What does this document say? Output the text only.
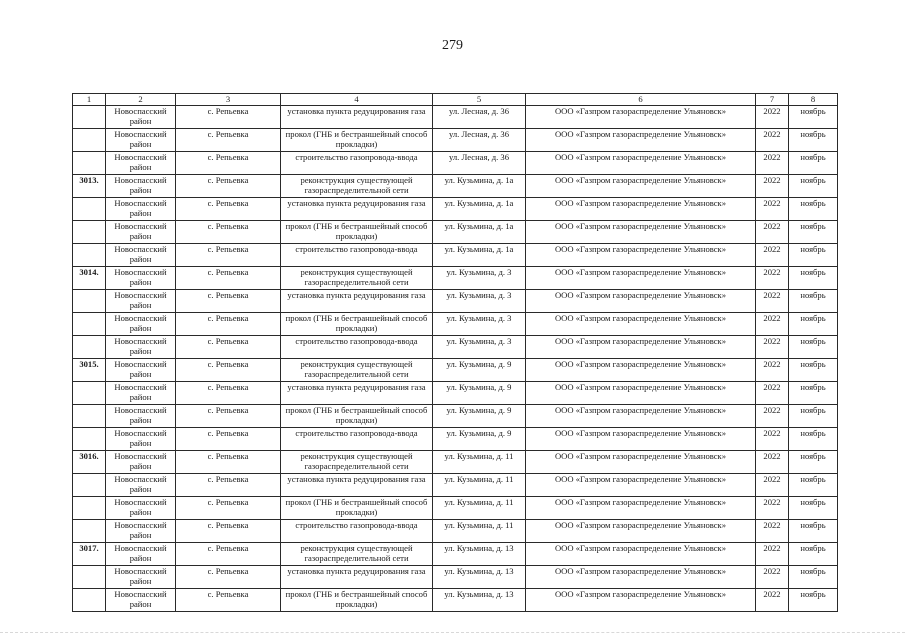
279
1	2	3	4	5	6	7	8
	Новоспасский район	с. Репьевка	установка пункта редуцирования газа	ул. Лесная, д. 36	ООО «Газпром газораспределение Ульяновск»	2022	ноябрь
	Новоспасский район	с. Репьевка	прокол (ГНБ и бестраншейный способ прокладки)	ул. Лесная, д. 36	ООО «Газпром газораспределение Ульяновск»	2022	ноябрь
	Новоспасский район	с. Репьевка	строительство газопровода-ввода	ул. Лесная, д. 36	ООО «Газпром газораспределение Ульяновск»	2022	ноябрь
3013.	Новоспасский район	с. Репьевка	реконструкция существующей газораспределительной сети	ул. Кузьмина, д. 1а	ООО «Газпром газораспределение Ульяновск»	2022	ноябрь
	Новоспасский район	с. Репьевка	установка пункта редуцирования газа	ул. Кузьмина, д. 1а	ООО «Газпром газораспределение Ульяновск»	2022	ноябрь
	Новоспасский район	с. Репьевка	прокол (ГНБ и бестраншейный способ прокладки)	ул. Кузьмина, д. 1а	ООО «Газпром газораспределение Ульяновск»	2022	ноябрь
	Новоспасский район	с. Репьевка	строительство газопровода-ввода	ул. Кузьмина, д. 1а	ООО «Газпром газораспределение Ульяновск»	2022	ноябрь
3014.	Новоспасский район	с. Репьевка	реконструкция существующей газораспределительной сети	ул. Кузьмина, д. 3	ООО «Газпром газораспределение Ульяновск»	2022	ноябрь
	Новоспасский район	с. Репьевка	установка пункта редуцирования газа	ул. Кузьмина, д. 3	ООО «Газпром газораспределение Ульяновск»	2022	ноябрь
	Новоспасский район	с. Репьевка	прокол (ГНБ и бестраншейный способ прокладки)	ул. Кузьмина, д. 3	ООО «Газпром газораспределение Ульяновск»	2022	ноябрь
	Новоспасский район	с. Репьевка	строительство газопровода-ввода	ул. Кузьмина, д. 3	ООО «Газпром газораспределение Ульяновск»	2022	ноябрь
3015.	Новоспасский район	с. Репьевка	реконструкция существующей газораспределительной сети	ул. Кузьмина, д. 9	ООО «Газпром газораспределение Ульяновск»	2022	ноябрь
	Новоспасский район	с. Репьевка	установка пункта редуцирования газа	ул. Кузьмина, д. 9	ООО «Газпром газораспределение Ульяновск»	2022	ноябрь
	Новоспасский район	с. Репьевка	прокол (ГНБ и бестраншейный способ прокладки)	ул. Кузьмина, д. 9	ООО «Газпром газораспределение Ульяновск»	2022	ноябрь
	Новоспасский район	с. Репьевка	строительство газопровода-ввода	ул. Кузьмина, д. 9	ООО «Газпром газораспределение Ульяновск»	2022	ноябрь
3016.	Новоспасский район	с. Репьевка	реконструкция существующей газораспределительной сети	ул. Кузьмина, д. 11	ООО «Газпром газораспределение Ульяновск»	2022	ноябрь
	Новоспасский район	с. Репьевка	установка пункта редуцирования газа	ул. Кузьмина, д. 11	ООО «Газпром газораспределение Ульяновск»	2022	ноябрь
	Новоспасский район	с. Репьевка	прокол (ГНБ и бестраншейный способ прокладки)	ул. Кузьмина, д. 11	ООО «Газпром газораспределение Ульяновск»	2022	ноябрь
	Новоспасский район	с. Репьевка	строительство газопровода-ввода	ул. Кузьмина, д. 11	ООО «Газпром газораспределение Ульяновск»	2022	ноябрь
3017.	Новоспасский район	с. Репьевка	реконструкция существующей газораспределительной сети	ул. Кузьмина, д. 13	ООО «Газпром газораспределение Ульяновск»	2022	ноябрь
	Новоспасский район	с. Репьевка	установка пункта редуцирования газа	ул. Кузьмина, д. 13	ООО «Газпром газораспределение Ульяновск»	2022	ноябрь
	Новоспасский район	с. Репьевка	прокол (ГНБ и бестраншейный способ прокладки)	ул. Кузьмина, д. 13	ООО «Газпром газораспределение Ульяновск»	2022	ноябрь
